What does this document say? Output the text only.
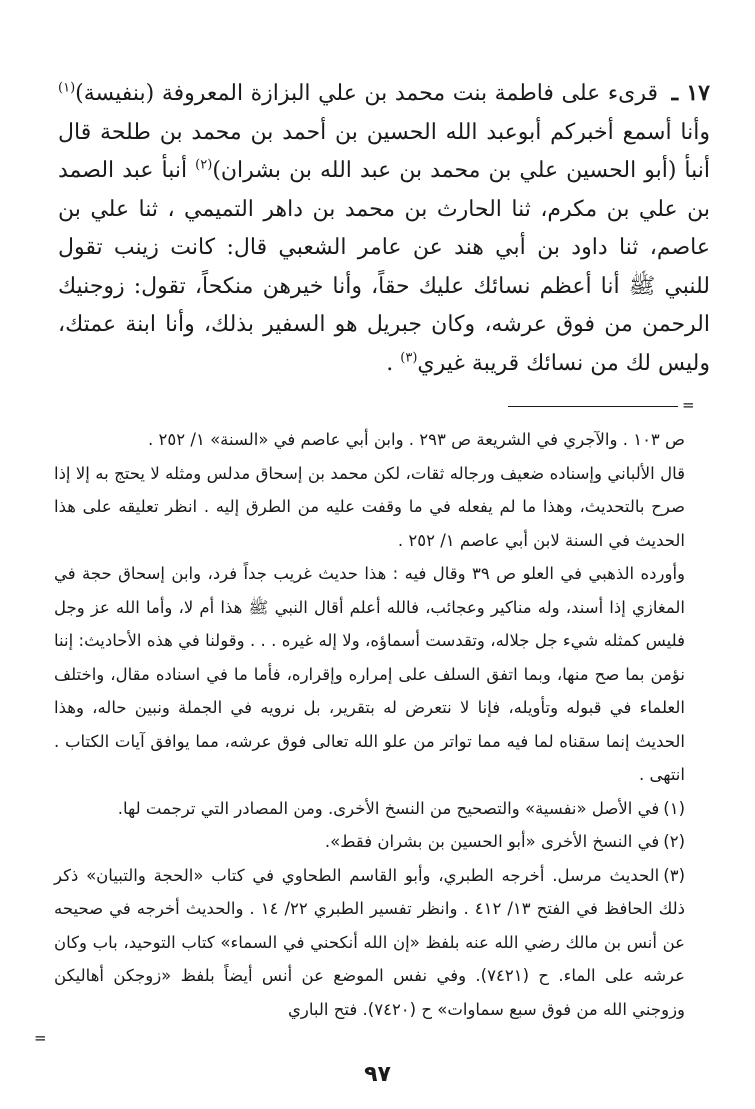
١٧ ـ قرىء على فاطمة بنت محمد بن علي البزازة المعروفة (بنفيسة)$^{(١)}$ وأنا أسمع أخبركم أبوعبد الله الحسين بن أحمد بن محمد بن طلحة قال أنبأ (أبو الحسين علي بن محمد بن عبد الله بن بشران)$^{(٢)}$ أنبأ عبد الصمد بن علي بن مكرم، ثنا الحارث بن محمد بن داهر التميمي ، ثنا علي بن عاصم، ثنا داود بن أبي هند عن عامر الشعبي قال: كانت زينب تقول للنبي ﷺ أنا أعظم نسائك عليك حقاً، وأنا خيرهن منكحاً، تقول: زوجنيك الرحمن من فوق عرشه، وكان جبريل هو السفير بذلك، وأنا ابنة عمتك، وليس لك من نسائك قريبة غيري$^{(٣)}$ .

=

ص ١٠٣ . والآجري في الشريعة ص ٢٩٣ . وابن أبي عاصم في «السنة» ١/ ٢٥٢ .

قال الألباني وإسناده ضعيف ورجاله ثقات، لكن محمد بن إسحاق مدلس ومثله لا يحتج به إلا إذا صرح بالتحديث، وهذا ما لم يفعله في ما وقفت عليه من الطرق إليه . انظر تعليقه على هذا الحديث في السنة لابن أبي عاصم ١/ ٢٥٢ .

وأورده الذهبي في العلو ص ٣٩ وقال فيه : هذا حديث غريب جداً فرد، وابن إسحاق حجة في المغازي إذا أسند، وله مناكير وعجائب، فالله أعلم أقال النبي ﷺ هذا أم لا، وأما الله عز وجل فليس كمثله شيء جل جلاله، وتقدست أسماؤه، ولا إله غيره . . . وقولنا في هذه الأحاديث: إننا نؤمن بما صح منها، وبما اتفق السلف على إمراره وإقراره، فأما ما في اسناده مقال، واختلف العلماء في قبوله وتأويله، فإنا لا نتعرض له بتقرير، بل نرويه في الجملة ونبين حاله، وهذا الحديث إنما سقناه لما فيه مما تواتر من علو الله تعالى فوق عرشه، مما يوافق آيات الكتاب . انتهى .

(١)في الأصل «نفسية» والتصحيح من النسخ الأخرى. ومن المصادر التي ترجمت لها.

(٢)في النسخ الأخرى «أبو الحسين بن بشران فقط».

(٣)الحديث مرسل. أخرجه الطبري، وأبو القاسم الطحاوي في كتاب «الحجة والتبيان» ذكر ذلك الحافظ في الفتح ١٣/ ٤١٢ . وانظر تفسير الطبري ٢٢/ ١٤ . والحديث أخرجه في صحيحه عن أنس بن مالك رضي الله عنه بلفظ «إن الله أنكحني في السماء» كتاب التوحيد، باب وكان عرشه على الماء. ح (٧٤٢١). وفي نفس الموضع عن أنس أيضاً بلفظ «زوجكن أهاليكن وزوجني الله من فوق سبع سماوات» ح (٧٤٢٠). فتح الباري

=
٩٧
